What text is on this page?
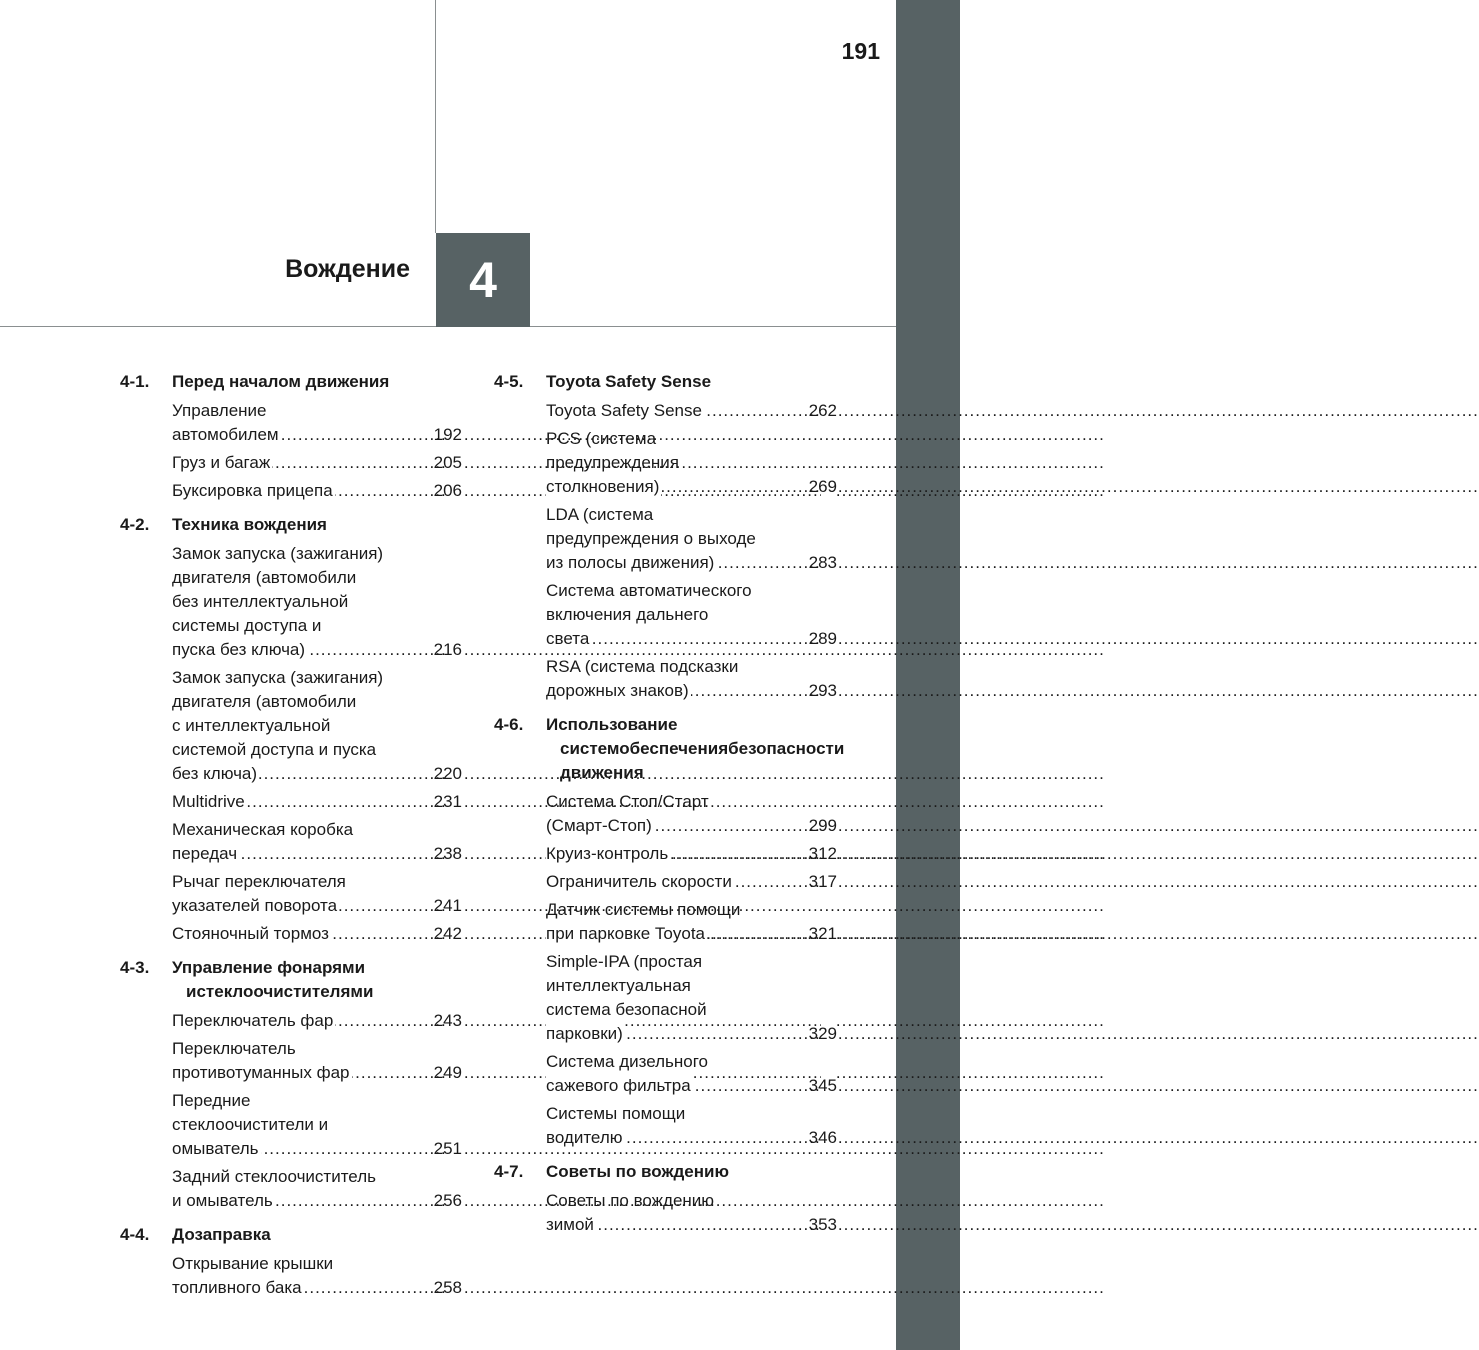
191
Вождение 4
4-1. Перед началом движения
Управление
автомобилем	192
.....
Груз и багаж	205
.....
Буксировка прицепа	206
.....
4-2. Техника вождения
Замок запуска (зажигания)
двигателя (автомобили
без интеллектуальной
системы доступа и
пуска без ключа)	216
.....
Замок запуска (зажигания)
двигателя (автомобили
с интеллектуальной
системой доступа и пуска
без ключа)	220
.....
Multidrive	231
.....
Механическая коробка
передач	238
.....
Рычаг переключателя
указателей поворота	241
.....
Стояночный тормоз	242
.....
4-3. Управление фонарями истеклоочистителями
Переключатель фар	243
.....
Переключатель
противотуманных фар	249
.....
Передние
стеклоочистители и
омыватель	251
.....
Задний стеклоочиститель
и омыватель	256
.....
4-4. Дозаправка
Открывание крышки
топливного бака	258
.....
4-5. Toyota Safety Sense
Toyota Safety Sense	262
.....
PCS (система
предупреждения
столкновения)	269
.....
LDA (система
предупреждения о выходе
из полосы движения)	283
.....
Система автоматического
включения дальнего
света	289
.....
RSA (система подсказки
дорожных знаков)	293
.....
4-6. Использование системобеспечениябезопасности движения
Система Стоп/Старт
(Смарт-Стоп)	299
.....
Круиз-контроль	312
.....
Ограничитель скорости	317
.....
Датчик системы помощи
при парковке Toyota	321
.....
Simple-IPA (простая
интеллектуальная
система безопасной
парковки)	329
.....
Система дизельного
сажевого фильтра	345
.....
Системы помощи
водителю	346
.....
4-7. Советы по вождению
Советы по вождению
зимой	353
.....
